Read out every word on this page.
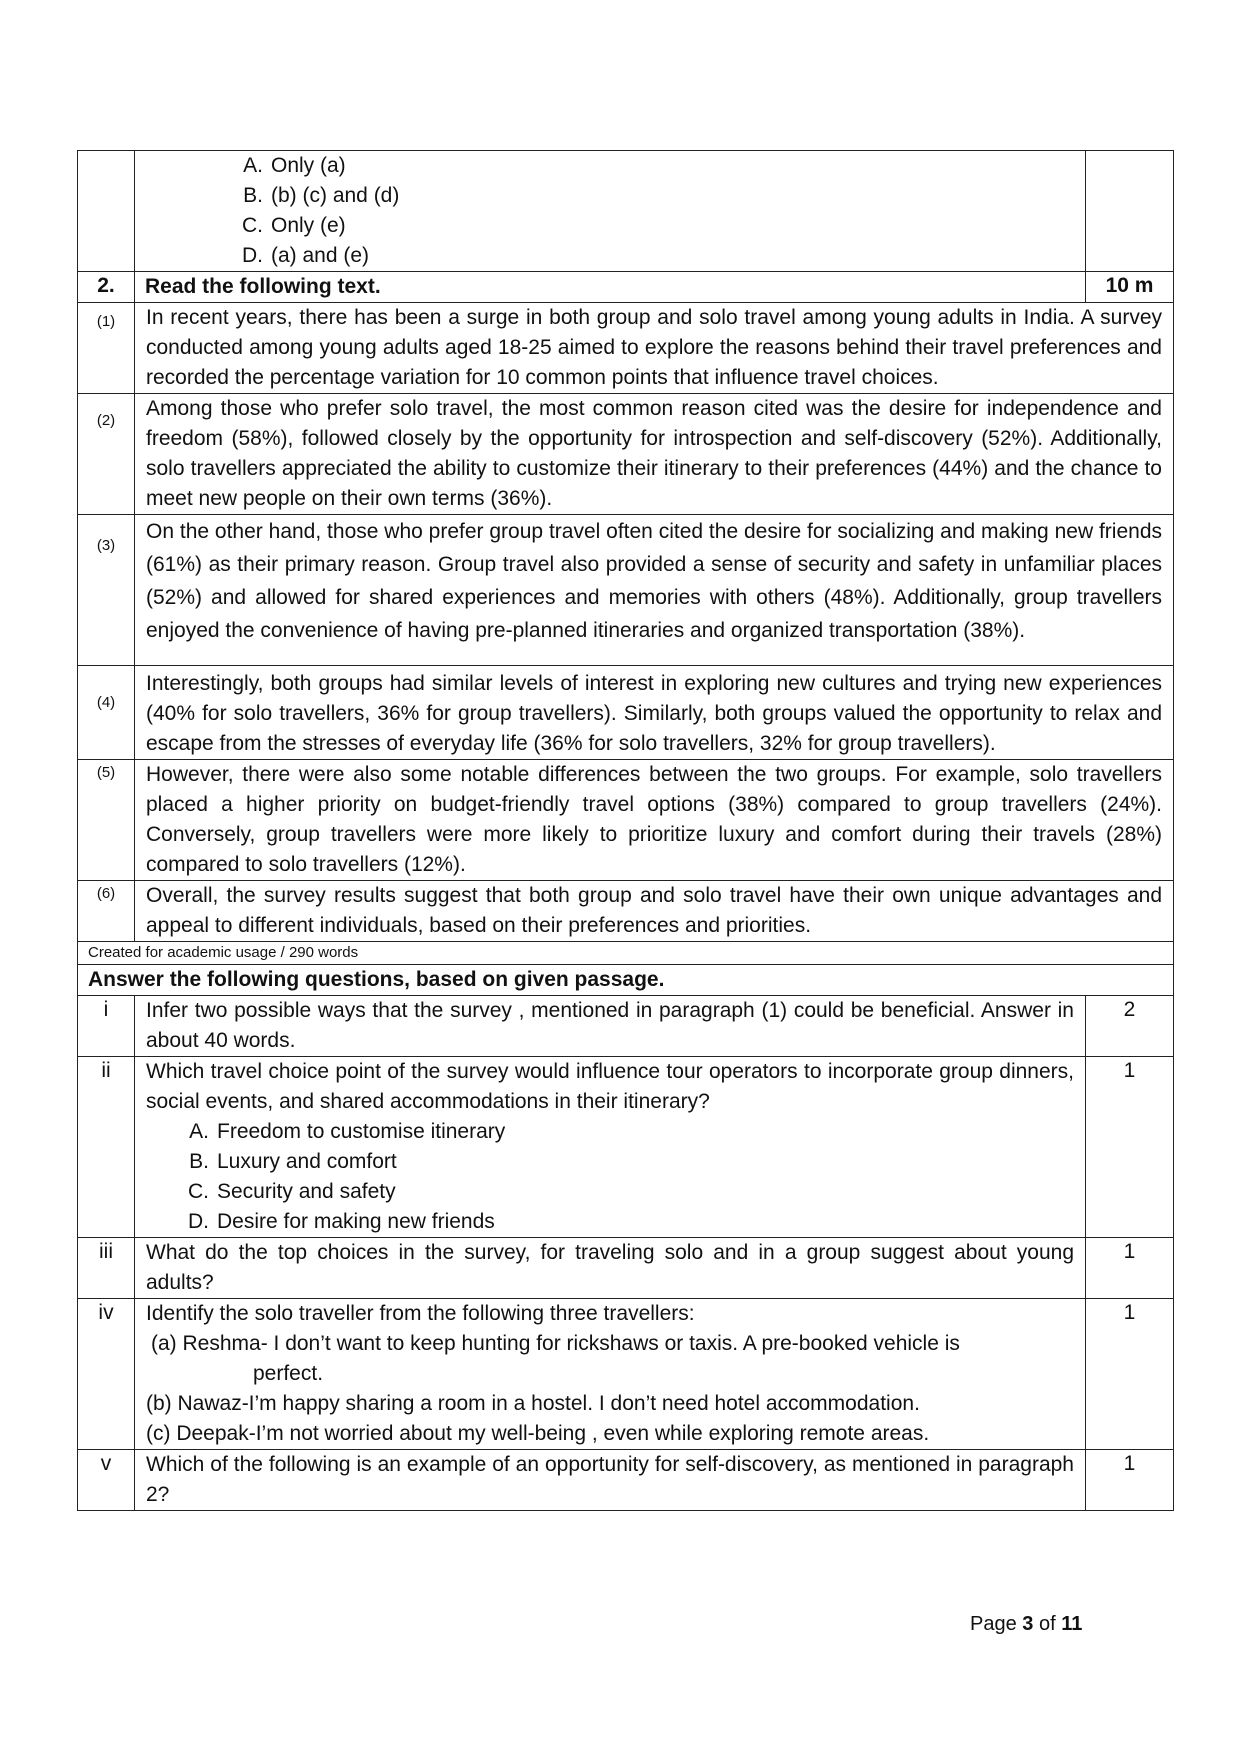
	A. Only (a)
B. (b) (c) and (d)
C. Only (e)
D. (a) and (e)	

2.	Read the following text.	10 m
(1)	In recent years, there has been a surge in both group and solo travel among young adults in India. A survey conducted among young adults aged 18-25 aimed to explore the reasons behind their travel preferences and recorded the percentage variation for 10 common points that influence travel choices.	
(2)	Among those who prefer solo travel, the most common reason cited was the desire for independence and freedom (58%), followed closely by the opportunity for introspection and self-discovery (52%). Additionally, solo travellers appreciated the ability to customize their itinerary to their preferences (44%) and the chance to meet new people on their own terms (36%).	
(3)	On the other hand, those who prefer group travel often cited the desire for socializing and making new friends (61%) as their primary reason. Group travel also provided a sense of security and safety in unfamiliar places (52%) and allowed for shared experiences and memories with others (48%). Additionally, group travellers enjoyed the convenience of having pre-planned itineraries and organized transportation (38%).	
(4)	Interestingly, both groups had similar levels of interest in exploring new cultures and trying new experiences (40% for solo travellers, 36% for group travellers). Similarly, both groups valued the opportunity to relax and escape from the stresses of everyday life (36% for solo travellers, 32% for group travellers).	
(5)	However, there were also some notable differences between the two groups. For example, solo travellers placed a higher priority on budget-friendly travel options (38%) compared to group travellers (24%). Conversely, group travellers were more likely to prioritize luxury and comfort during their travels (28%) compared to solo travellers (12%).	
(6)	Overall, the survey results suggest that both group and solo travel have their own unique advantages and appeal to different individuals, based on their preferences and priorities.	
Created for academic usage / 290 words		
Answer the following questions, based on given passage.		
i	Infer two possible ways that the survey , mentioned in paragraph (1) could be beneficial. Answer in about 40 words.	2
ii	Which travel choice point of the survey would influence tour operators to incorporate group dinners, social events, and shared accommodations in their itinerary?
A. Freedom to customise itinerary
B. Luxury and comfort
C. Security and safety
D. Desire for making new friends	1
iii	What do the top choices in the survey, for traveling solo and in a group suggest about young adults?	1
iv	Identify the solo traveller from the following three travellers:
(a) Reshma- I don’t want to keep hunting for rickshaws or taxis. A pre-booked vehicle is
perfect.
(b) Nawaz-I’m happy sharing a room in a hostel. I don’t need hotel accommodation.
(c) Deepak-I’m not worried about my well-being , even while exploring remote areas.	1
v	Which of the following is an example of an opportunity for self-discovery, as mentioned in paragraph 2?	1
Page 3 of 11
